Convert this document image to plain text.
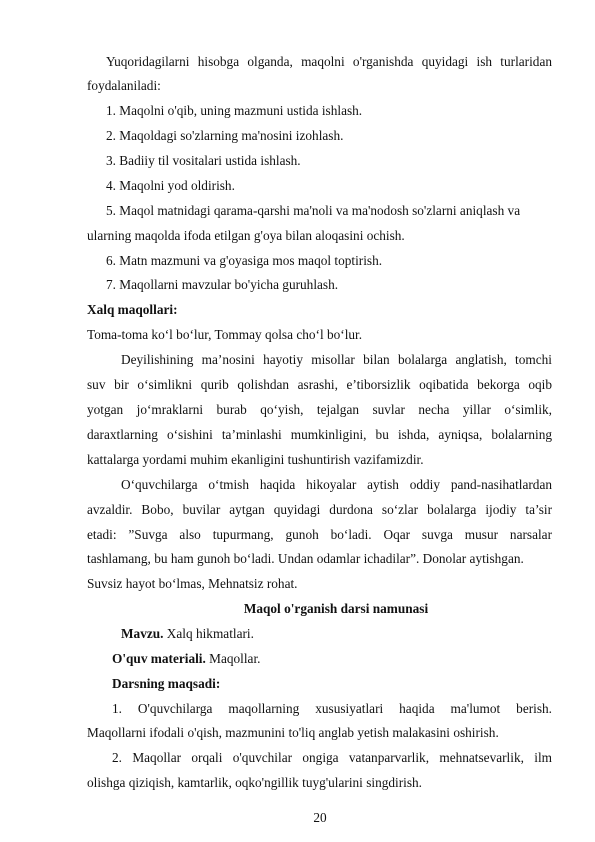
Yuqoridagilarni hisobga olganda, maqolni o'rganishda quyidagi ish turlaridan
foydalaniladi:
1. Maqolni o'qib, uning mazmuni ustida ishlash.
2. Maqoldagi so'zlarning ma'nosini izohlash.
3. Badiiy til vositalari ustida ishlash.
4. Maqolni yod oldirish.
5. Maqol matnidagi qarama-qarshi ma'noli va ma'nodosh so'zlarni aniqlash va
ularning maqolda ifoda etilgan g'oya bilan aloqasini ochish.
6. Matn mazmuni va g'oyasiga mos maqol toptirish.
7. Maqollarni mavzular bo'yicha guruhlash.
Xalq maqollari:
Toma-toma ko‘l bo‘lur, Tommay qolsa cho‘l bo‘lur.
Deyilishining ma’nosini hayotiy misollar bilan bolalarga anglatish, tomchi
suv bir o‘simlikni qurib qolishdan asrashi, e’tiborsizlik oqibatida bekorga oqib
yotgan jo‘mraklarni burab qo‘yish, tejalgan suvlar necha yillar o‘simlik,
daraxtlarning o‘sishini ta’minlashi mumkinligini, bu ishda, ayniqsa, bolalarning
kattalarga yordami muhim ekanligini tushuntirish vazifamizdir.
O‘quvchilarga o‘tmish haqida hikoyalar aytish oddiy pand-nasihatlardan
avzaldir. Bobo, buvilar aytgan quyidagi durdona so‘zlar bolalarga ijodiy ta’sir
etadi: ”Suvga also tupurmang, gunoh bo‘ladi. Oqar suvga musur narsalar
tashlamang, bu ham gunoh bo‘ladi. Undan odamlar ichadilar”. Donolar aytishgan.
Suvsiz hayot bo‘lmas, Mehnatsiz rohat.
Maqol o'rganish darsi namunasi
Mavzu. Xalq hikmatlari.
O'quv materiali. Maqollar.
Darsning maqsadi:
1. O'quvchilarga maqollarning xususiyatlari haqida ma'lumot berish.
Maqollarni ifodali o'qish, mazmunini to'liq anglab yetish malakasini oshirish.
2. Maqollar orqali o'quvchilar ongiga vatanparvarlik, mehnatsevarlik, ilm
olishga qiziqish, kamtarlik, oqko'ngillik tuyg'ularini singdirish.
20
